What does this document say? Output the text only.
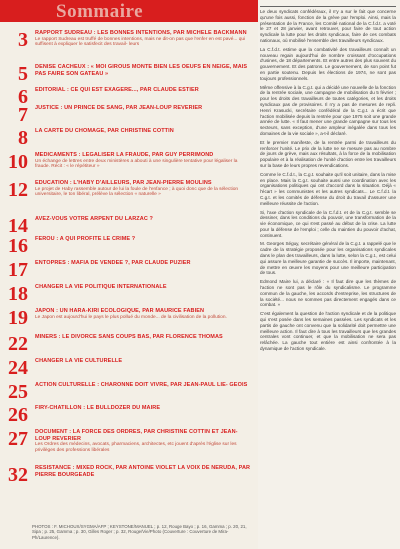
Sommaire
3	RAPPORT SUDREAU : LES BONNES INTENTIONS, PAR MICHELE BACKMANN
Le rapport Sudreau est truffé de bonnes intentions, mais ne dit-on pas que l'enfer en est pavé... qui suffisent à expliquer le satisfecit des travail- leurs
5	DENISE CACHEUX : « MOI GIROUS MONTE BIEN LES OEUFS EN NEIGE, MAIS PAS FAIRE SON GATEAU »
6	EDITORIAL : CE QUI EST EXAGERE..., PAR CLAUDE ESTIER
7	JUSTICE : UN PRINCE DE SANG, PAR JEAN-LOUP REVERIER
8	LA CARTE DU CHOMAGE, PAR CHRISTINE COTTIN
10	MEDICAMENTS : LEGALISER LA FRAUDE, PAR GUY PERRIMOND
Un échange de lettres entre deux ministères a abouti à une singulière tentative pour légaliser la fraude. Récit : « le répétiteur »
12	EDUCATION : L'HABY D'AILLEURS, PAR JEAN-PIERRE MOULINS
Le projet de Haby rassemble autour de lui la foule de l'enfance ; à quoi donc que de la sélection universitaire, le ton libéral, prélève la sélection « naturelle »
14	AVEZ-VOUS VOTRE ARPENT DU LARZAC ?
16	FEROU : A QUI PROFITE LE CRIME ?
17	ENTOPRES : MAFIA DE VENDEE ?, PAR CLAUDE PUZIER
18	CHANGER LA VIE POLITIQUE INTERNATIONALE
19	JAPON : UN HARA-KIRI ECOLOGIQUE, PAR MAURICE FABIEN
Le Japon est aujourd'hui le pays le plus pollué du monde... de la civilisation de la pollution.
22	MINERS : LE DIVORCE SANS COUPS BAS, PAR FLORENCE THOMAS
24	CHANGER LA VIE CULTURELLE
25	ACTION CULTURELLE : CHARONNE DOIT VIVRE, PAR JEAN-PAUL LIE- GEOIS
26	FIRY-CHATILLON : LE BULLDOZER DU MAIRE
27	DOCUMENT : LA FORCE DES ORDRES, PAR CHRISTINE COTTIN ET JEAN-LOUP REVERIER
Les Ordres des médecins, avocats, pharmaciens, architectes, etc jouent d'après l'église sur les privilèges des professions libérales
32	RESISTANCE : MIXED ROCK, PAR ANTOINE VIOLET LA VOIX DE NERUDA, PAR PIERRE BOURGEADE
PHOTOS : F. MICHOUX/SYGMA/AFP ; KEYSTONE/MANUEL ; p. 12, Rouge Bayo ; p. 16, Gamma ; p. 20, 21, Sipa ; p. 25, Gamma ; p. 30, Gilles Roger ; p. 32, Rouge/Vie/Photo (Couverture : Couverture de Mira-Ph/Laurence).

Le deux syndicats confédéraux, il n'y a sur le fait que concerne qu'une fois aussi, fonction de la grève par l'emploi. Ainsi, mais la présentation de la France, les Comité national de la C.f.d.t. a voté le 27 et 28 janvier, avant retrouver, pour faire de tout action syndicale la lutte pour les droits syndicaux, faire de ces combats nationaux, où mobilisé l'ensemble des travailleurs syndicaux.

La C.f.d.t. estime que la combativité des travailleurs connaît un nouveau regain aujourd'hui de nombre croissant d'occupations d'usines, de 18 départements. Et entre autres des plus souvent du gouvernement. Et des patrons. Le gouvernement, de son point fut en partie soutenu. Depuis les élections de 1974, ne sont pas toujours professionnels.

Même offensive à la C.g.t. qui a décidé une nouvelle de la fonction de la rentrée sociale, une campagne de mobilisation du 5 février ; pour les droits des travailleurs de toutes catégories, et les droits syndicaux pas de provisoires. Il n'y a pas de mesures de repli. Henri Krasucki, secrétaire confédéral de la C.g.t. a écrit que l'action mobilisée depuis la rentrée pour que 1975 soit une grande année de lutte. « Il faut mener une grande campagne sur tous les secteurs, sans exception, d'une ampleur inégalée dans tous les domaines de la vie sociale », a-t-il déclaré.

Et le premier manifeste, de la rentrée parmi de travailleurs du renforcer l'unité. Le prix de la lutte ne se mesure pas au nombre de jours de grève, mais aux résultats, à la force de la mobilisation populaire et à la réalisation de l'unité d'action entre les travailleurs sur la base de leurs propres revendications.

Comme le C.f.d.t., la C.g.t. souhaite qu'il soit unitaire, dans la mise en place. Mais la C.g.t. souhaite aussi une coordination avec les organisations politiques qui ont d'accord dans la situation. Déjà « l'écart » les communistes et les autres syndicats... Le C.f.d.t. la C.g.t. et les comités de défense du droit du travail d'assurer une meilleure réussite de l'action.

Si, l'axe d'action syndicale de la C.f.d.t. et de la C.g.t. semble se dessiner, dans les conditions du pouvoir, une transformation de la vie économique, ce qui s'est passé au début de la crise. La lutte pour la défense de l'emploi ; celle du maintien du pouvoir d'achat, continuent.

M. Georges Séguy, secrétaire général de la C.g.t. a rappelé que le cadre de la stratégie proposée pour les organisations syndicales dans le plan des travailleurs, dans la lutte, selon la C.g.t., est celui qui assure la meilleure garantie de succès. Il importe, maintenant, de mettre en œuvre les moyens pour une meilleure participation de tous.

Edmond Maire lui, a déclaré : « Il faut dire que les thèmes de l'action ne sont pas le rôle du syndicalisme. Le programme commun de la gauche, les accords d'entreprise, les structures de la société... nous ne sommes pas directement engagés dans ce combat. »

C'est également la question de l'action syndicale et de la politique qui s'est posée dans les semaines passées. Les syndicats et les partis de gauche ont convenu que la solidarité doit permettre une meilleure action. Il faut dire à tous les travailleurs que les grandes centrales vont continuer, et que la mobilisation ne sera pas relâchée. La gauche tout entière est ainsi confrontée à la dynamique de l'action syndicale.
